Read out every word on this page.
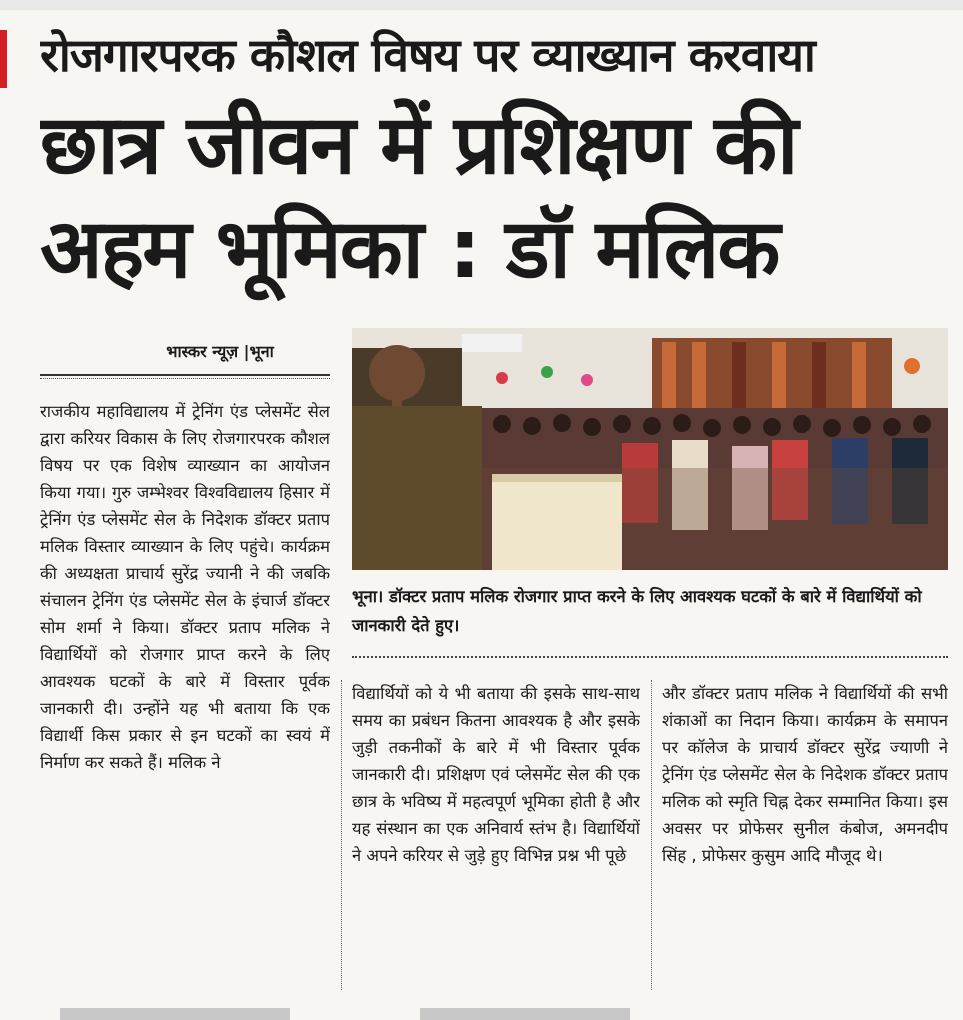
रोजगारपरक कौशल विषय पर व्याख्यान करवाया
छात्र जीवन में प्रशिक्षण की
अहम भूमिका : डॉ मलिक
भास्कर न्यूज़ |भूना
भूना। डॉक्टर प्रताप मलिक रोजगार प्राप्त करने के लिए आवश्यक घटकों के बारे में विद्यार्थियों को जानकारी देते हुए।
राजकीय महाविद्यालय में ट्रेनिंग एंड प्लेसमेंट सेल द्वारा करियर विकास के लिए रोजगारपरक कौशल विषय पर एक विशेष व्याख्यान का आयोजन किया गया। गुरु जम्भेश्वर विश्वविद्यालय हिसार में ट्रेनिंग एंड प्लेसमेंट सेल के निदेशक डॉक्टर प्रताप मलिक विस्तार व्याख्यान के लिए पहुंचे। कार्यक्रम की अध्यक्षता प्राचार्य सुरेंद्र ज्यानी ने की जबकि संचालन ट्रेनिंग एंड प्लेसमेंट सेल के इंचार्ज डॉक्टर सोम शर्मा ने किया। डॉक्टर प्रताप मलिक ने विद्यार्थियों को रोजगार प्राप्त करने के लिए आवश्यक घटकों के बारे में विस्तार पूर्वक जानकारी दी। उन्होंने यह भी बताया कि एक विद्यार्थी किस प्रकार से इन घटकों का स्वयं में निर्माण कर सकते हैं। मलिक ने
विद्यार्थियों को ये भी बताया की इसके साथ-साथ समय का प्रबंधन कितना आवश्यक है और इसके जुड़ी तकनीकों के बारे में भी विस्तार पूर्वक जानकारी दी। प्रशिक्षण एवं प्लेसमेंट सेल की एक छात्र के भविष्य में महत्वपूर्ण भूमिका होती है और यह संस्थान का एक अनिवार्य स्तंभ है। विद्यार्थियों ने अपने करियर से जुड़े हुए विभिन्न प्रश्न भी पूछे
और डॉक्टर प्रताप मलिक ने विद्यार्थियों की सभी शंकाओं का निदान किया। कार्यक्रम के समापन पर कॉलेज के प्राचार्य डॉक्टर सुरेंद्र ज्याणी ने ट्रेनिंग एंड प्लेसमेंट सेल के निदेशक डॉक्टर प्रताप मलिक को स्मृति चिह्न देकर सम्मानित किया। इस अवसर पर प्रोफेसर सुनील कंबोज, अमनदीप सिंह , प्रोफेसर कुसुम आदि मौजूद थे।
